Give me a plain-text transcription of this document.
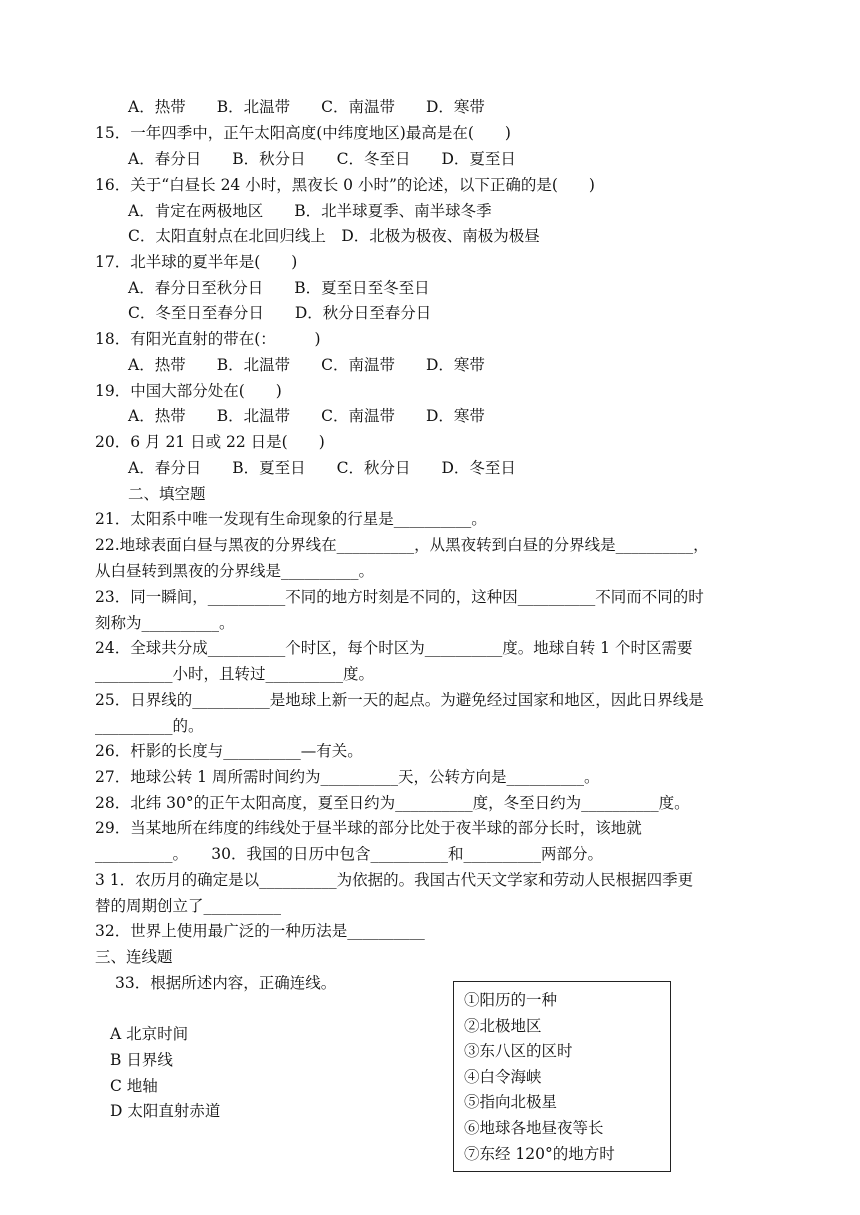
A．热带　　B．北温带　　C．南温带　　D．寒带
15．一年四季中，正午太阳高度(中纬度地区)最高是在(　　)
A．春分日　　B．秋分日　　C．冬至日　　D．夏至日
16．关于“白昼长 24 小时，黑夜长 0 小时”的论述，以下正确的是(　　)
A．肯定在两极地区　　B．北半球夏季、南半球冬季
C．太阳直射点在北回归线上　D．北极为极夜、南极为极昼
17．北半球的夏半年是(　　)
A．春分日至秋分日　　B．夏至日至冬至日
C．冬至日至春分日　　D．秋分日至春分日
18．有阳光直射的带在(：　　　)
A．热带　　B．北温带　　C．南温带　　D．寒带
19．中国大部分处在(　　)
A．热带　　B．北温带　　C．南温带　　D．寒带
20．6 月 21 日或 22 日是(　　)
A．春分日　　B．夏至日　　C．秋分日　　D．冬至日
二、填空题
21．太阳系中唯一发现有生命现象的行星是__________。
22.地球表面白昼与黑夜的分界线在__________，从黑夜转到白昼的分界线是__________，
从白昼转到黑夜的分界线是__________。
23．同一瞬间，__________不同的地方时刻是不同的，这种因__________不同而不同的时
刻称为__________。
24．全球共分成__________个时区，每个时区为__________度。地球自转 1 个时区需要
__________小时，且转过__________度。
25．日界线的__________是地球上新一天的起点。为避免经过国家和地区，因此日界线是
__________的。
26．杆影的长度与__________—有关。
27．地球公转 1 周所需时间约为__________天，公转方向是__________。
28．北纬 30°的正午太阳高度，夏至日约为__________度，冬至日约为__________度。
29．当某地所在纬度的纬线处于昼半球的部分比处于夜半球的部分长时，该地就
__________。　　30．我国的日历中包含__________和__________两部分。
3 1．农历月的确定是以__________为依据的。我国古代天文学家和劳动人民根据四季更
替的周期创立了__________
32．世界上使用最广泛的一种历法是__________
三、连线题
33．根据所述内容，正确连线。
A 北京时间
B 日界线
C 地轴
D 太阳直射赤道
①阳历的一种
②北极地区
③东八区的区时
④白令海峡
⑤指向北极星
⑥地球各地昼夜等长
⑦东经 120°的地方时
